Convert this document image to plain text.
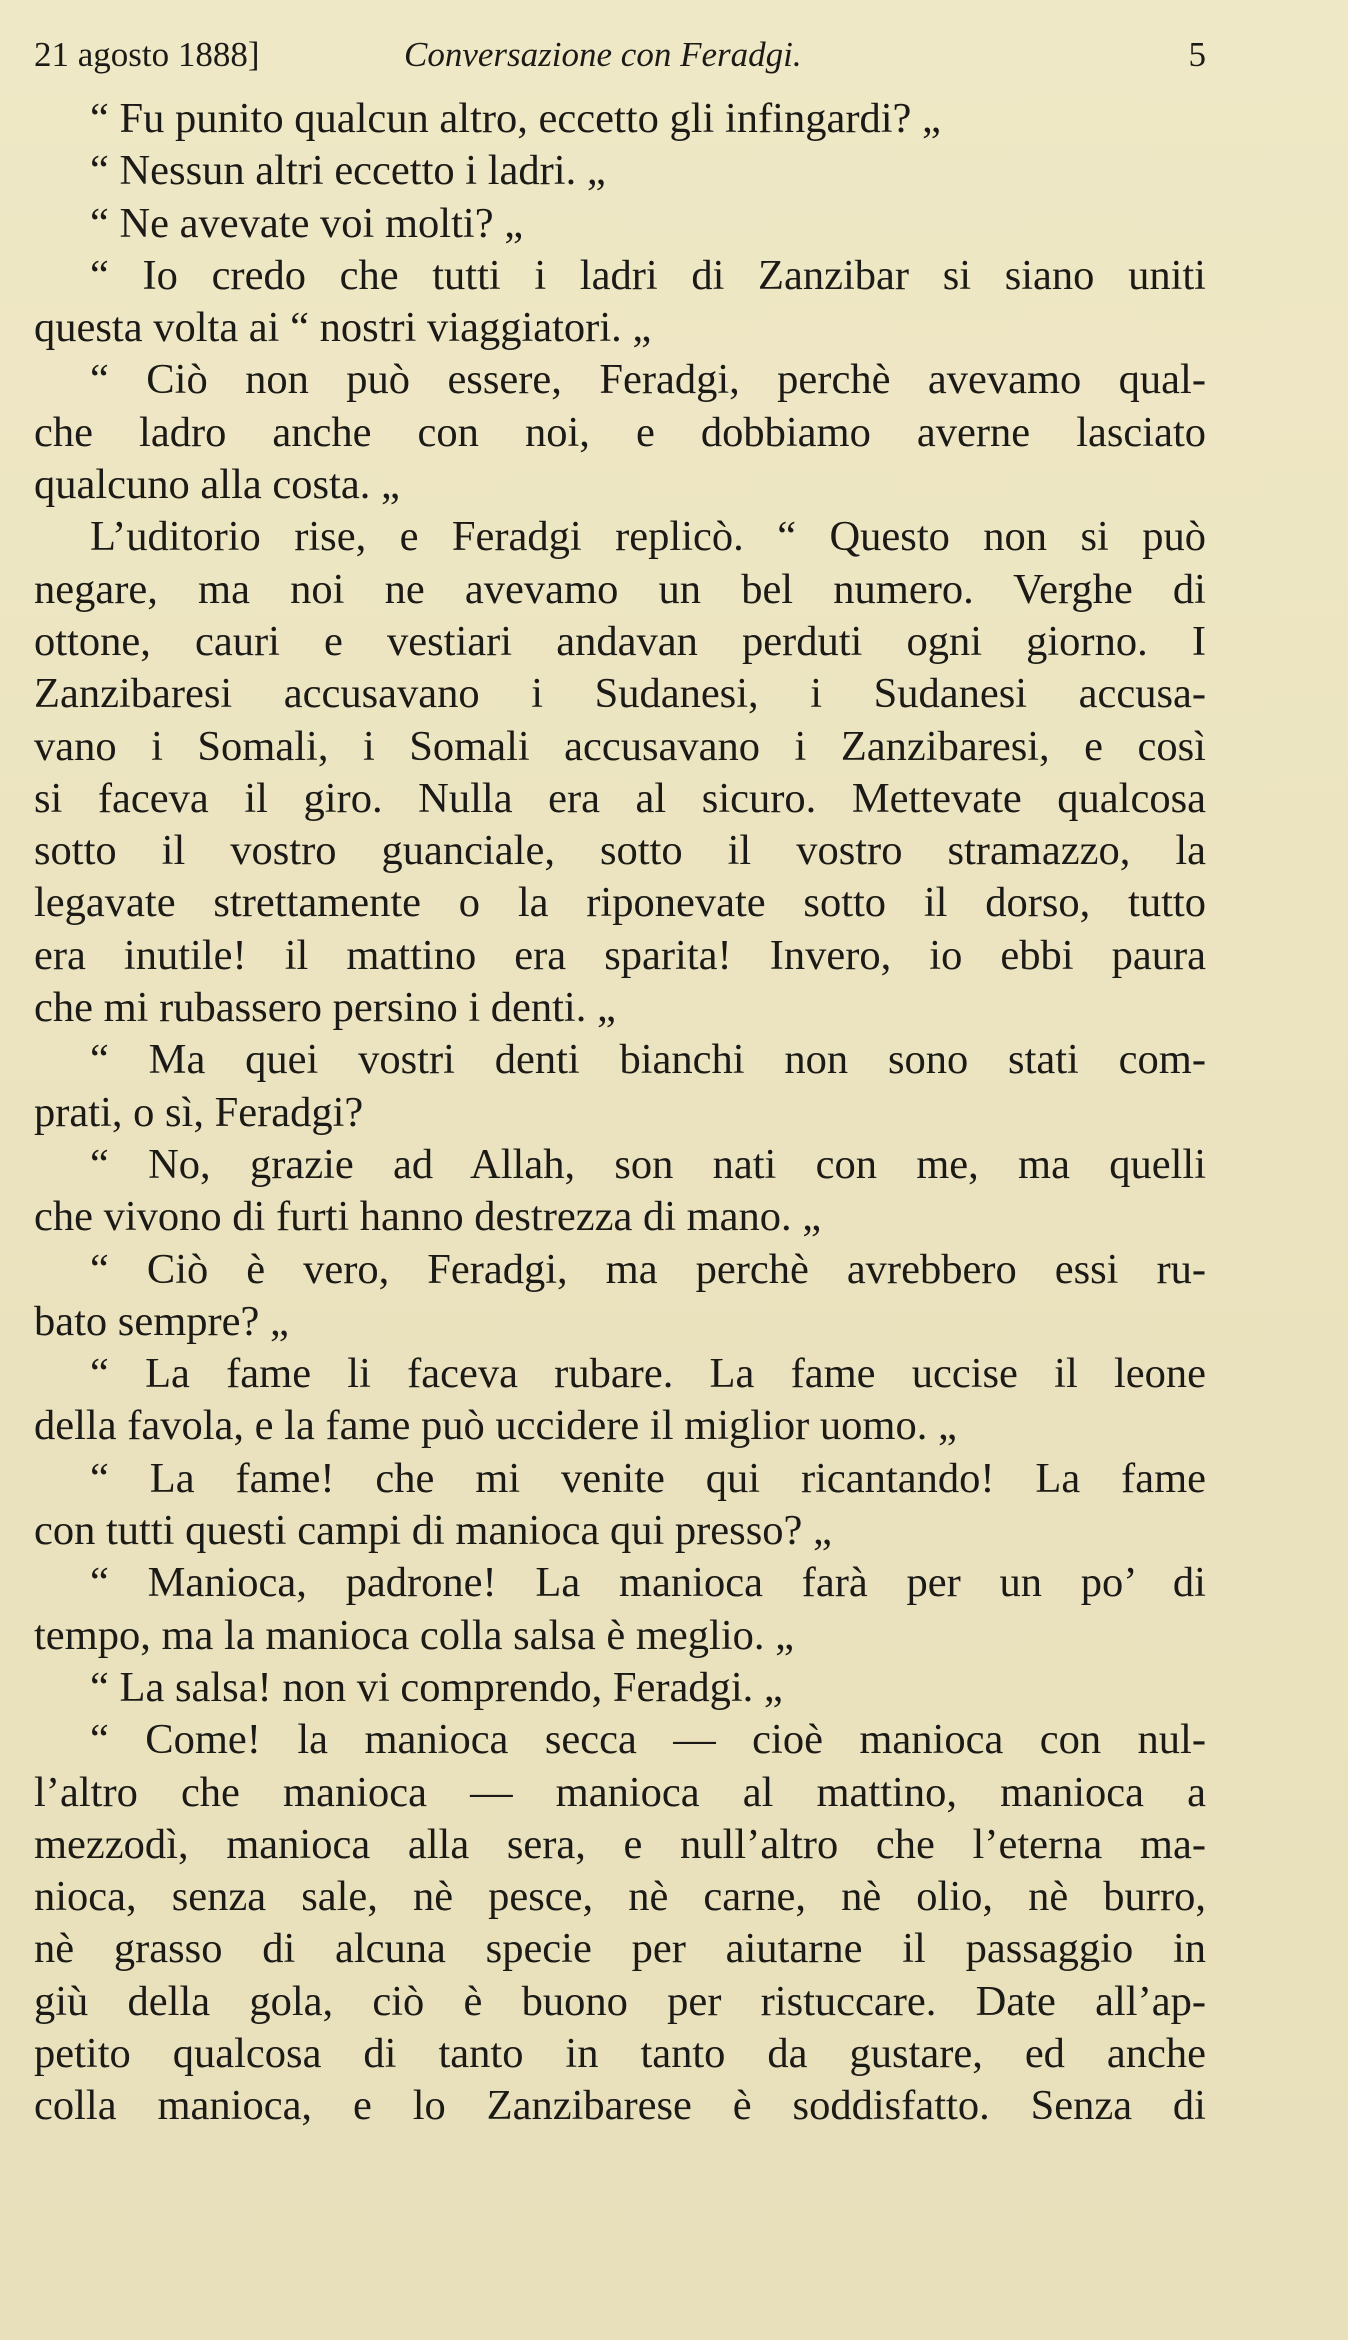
21 agosto 1888]	Conversazione con Feradgi.	5
“ Fu punito qualcun altro, eccetto gli infingardi? „
“ Nessun altri eccetto i ladri. „
“ Ne avevate voi molti? „
“ Io credo che tutti i ladri di Zanzibar si siano uniti
questa volta ai “ nostri viaggiatori. „
“ Ciò non può essere, Feradgi, perchè avevamo qual-
che ladro anche con noi, e dobbiamo averne lasciato
qualcuno alla costa. „
L’uditorio rise, e Feradgi replicò. “ Questo non si può
negare, ma noi ne avevamo un bel numero. Verghe di
ottone, cauri e vestiari andavan perduti ogni giorno. I
Zanzibaresi accusavano i Sudanesi, i Sudanesi accusa-
vano i Somali, i Somali accusavano i Zanzibaresi, e così
si faceva il giro. Nulla era al sicuro. Mettevate qualcosa
sotto il vostro guanciale, sotto il vostro stramazzo, la
legavate strettamente o la riponevate sotto il dorso, tutto
era inutile! il mattino era sparita! Invero, io ebbi paura
che mi rubassero persino i denti. „
“ Ma quei vostri denti bianchi non sono stati com-
prati, o sì, Feradgi?
“ No, grazie ad Allah, son nati con me, ma quelli
che vivono di furti hanno destrezza di mano. „
“ Ciò è vero, Feradgi, ma perchè avrebbero essi ru-
bato sempre? „
“ La fame li faceva rubare. La fame uccise il leone
della favola, e la fame può uccidere il miglior uomo. „
“ La fame! che mi venite qui ricantando! La fame
con tutti questi campi di manioca qui presso? „
“ Manioca, padrone! La manioca farà per un po’ di
tempo, ma la manioca colla salsa è meglio. „
“ La salsa! non vi comprendo, Feradgi. „
“ Come! la manioca secca — cioè manioca con nul-
l’altro che manioca — manioca al mattino, manioca a
mezzodì, manioca alla sera, e null’altro che l’eterna ma-
nioca, senza sale, nè pesce, nè carne, nè olio, nè burro,
nè grasso di alcuna specie per aiutarne il passaggio in
giù della gola, ciò è buono per ristuccare. Date all’ap-
petito qualcosa di tanto in tanto da gustare, ed anche
colla manioca, e lo Zanzibarese è soddisfatto. Senza di
